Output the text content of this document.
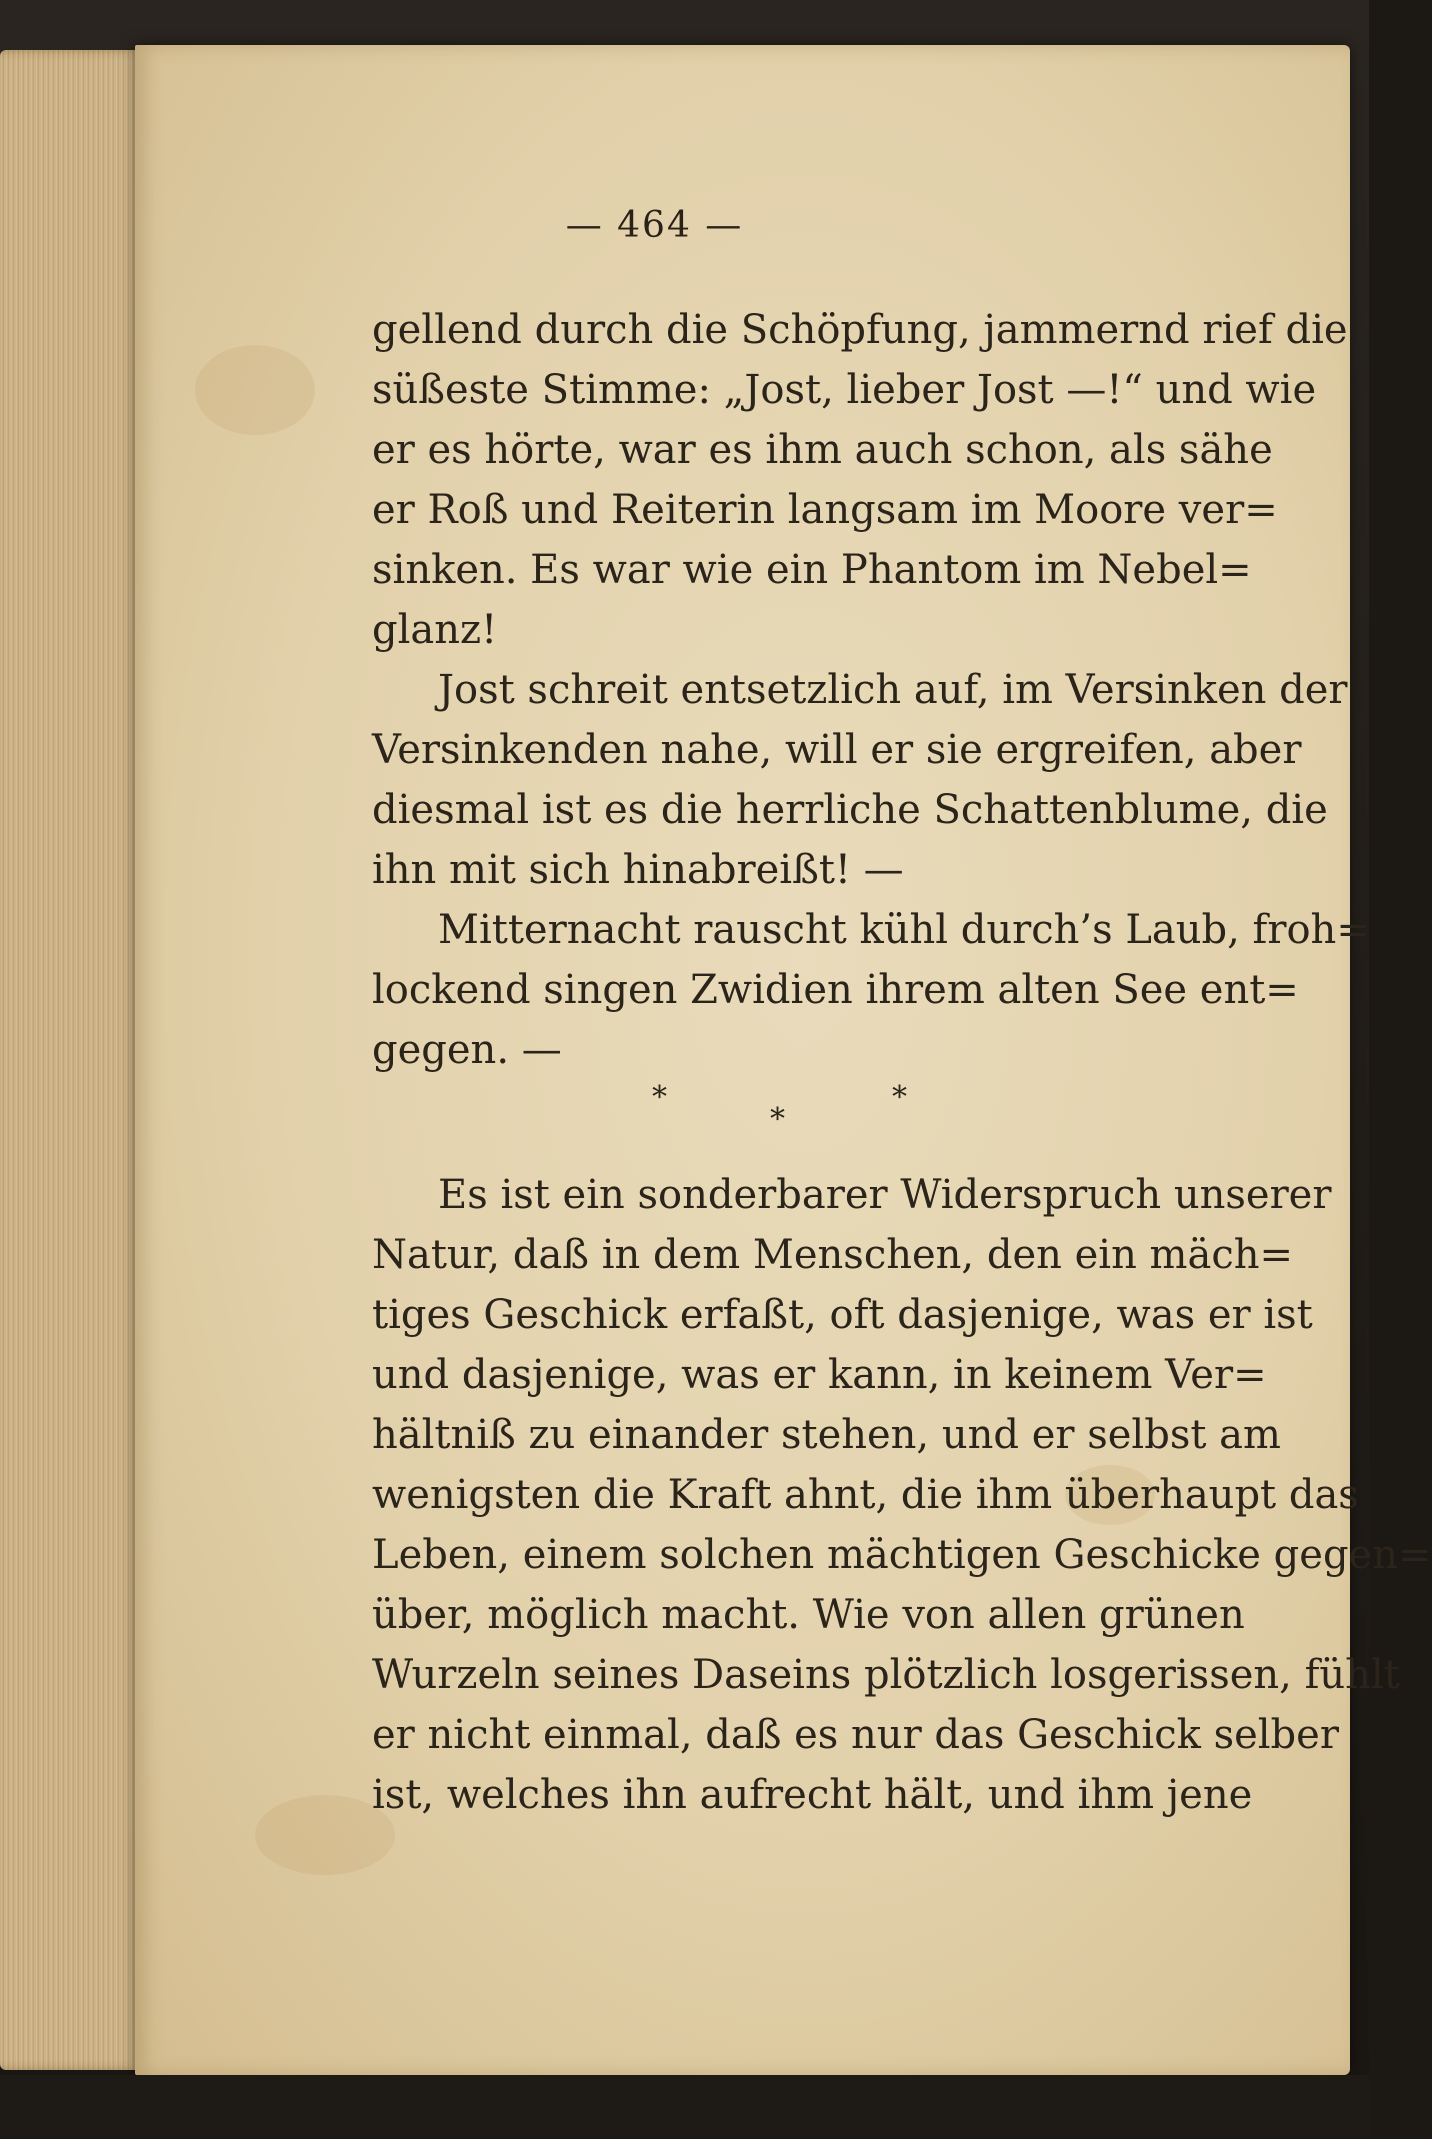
— 464 —
gellend durch die Schöpfung, jammernd rief die
süßeste Stimme: „Jost, lieber Jost —!“ und wie
er es hörte, war es ihm auch schon, als sähe
er Roß und Reiterin langsam im Moore ver=
sinken. Es war wie ein Phantom im Nebel=
glanz!
Jost schreit entsetzlich auf, im Versinken der
Versinkenden nahe, will er sie ergreifen, aber
diesmal ist es die herrliche Schattenblume, die
ihn mit sich hinabreißt! —
Mitternacht rauscht kühl durch’s Laub, froh=
lockend singen Zwidien ihrem alten See ent=
gegen. —
*
*
*
Es ist ein sonderbarer Widerspruch unserer
Natur, daß in dem Menschen, den ein mäch=
tiges Geschick erfaßt, oft dasjenige, was er ist
und dasjenige, was er kann, in keinem Ver=
hältniß zu einander stehen, und er selbst am
wenigsten die Kraft ahnt, die ihm überhaupt das
Leben, einem solchen mächtigen Geschicke gegen=
über, möglich macht. Wie von allen grünen
Wurzeln seines Daseins plötzlich losgerissen, fühlt
er nicht einmal, daß es nur das Geschick selber
ist, welches ihn aufrecht hält, und ihm jene
